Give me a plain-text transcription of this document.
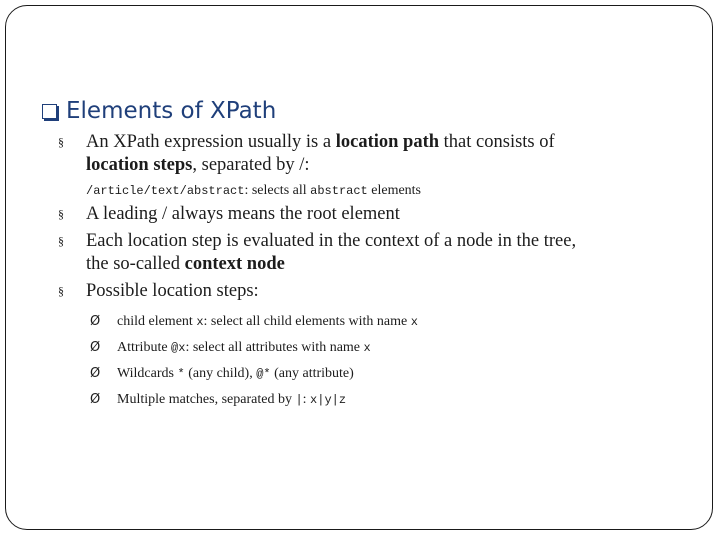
Elements of XPath
§ An XPath expression usually is a location path that consists of location steps, separated by /:
/article/text/abstract: selects all abstract elements
§ A leading / always means the root element
§ Each location step is evaluated in the context of a node in the tree, the so-called context node
§ Possible location steps:
Ø child element x: select all child elements with name x
Ø Attribute @x: select all attributes with name x
Ø Wildcards * (any child), @* (any attribute)
Ø Multiple matches, separated by |: x|y|z
